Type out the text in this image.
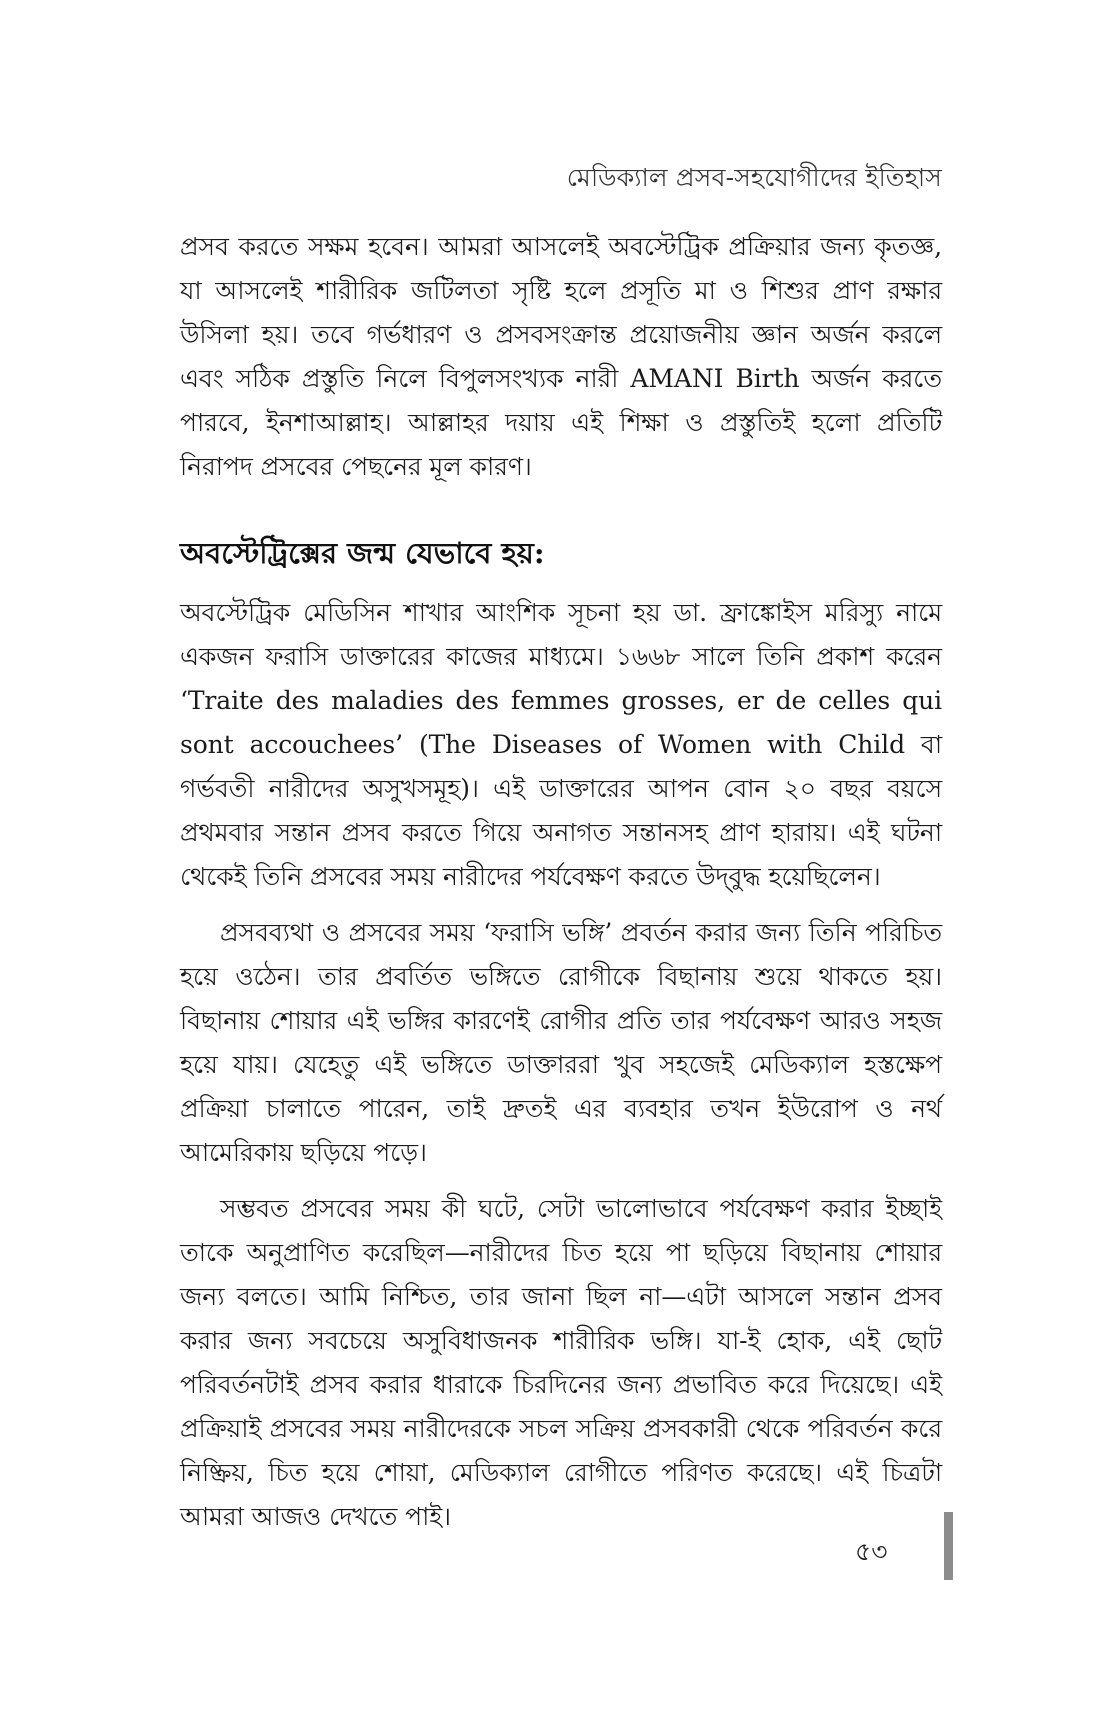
মেডিক্যাল প্রসব-সহযোগীদের ইতিহাস

প্রসব করতে সক্ষম হবেন। আমরা আসলেই অবস্টেট্রিক প্রক্রিয়ার জন্য কৃতজ্ঞ, যা আসলেই শারীরিক জটিলতা সৃষ্টি হলে প্রসূতি মা ও শিশুর প্রাণ রক্ষার উসিলা হয়। তবে গর্ভধারণ ও প্রসবসংক্রান্ত প্রয়োজনীয় জ্ঞান অর্জন করলে এবং সঠিক প্রস্তুতি নিলে বিপুলসংখ্যক নারী AMANI Birth অর্জন করতে পারবে, ইনশাআল্লাহ। আল্লাহর দয়ায় এই শিক্ষা ও প্রস্তুতিই হলো প্রতিটি নিরাপদ প্রসবের পেছনের মূল কারণ।

অবস্টেট্রিক্সের জন্ম যেভাবে হয়:

অবস্টেট্রিক মেডিসিন শাখার আংশিক সূচনা হয় ডা. ফ্রাঙ্কোইস মরিস্যু নামে একজন ফরাসি ডাক্তারের কাজের মাধ্যমে। ১৬৬৮ সালে তিনি প্রকাশ করেন ‘Traite des maladies des femmes grosses, er de celles qui sont accouchees’ (The Diseases of Women with Child বা গর্ভবতী নারীদের অসুখসমূহ)। এই ডাক্তারের আপন বোন ২০ বছর বয়সে প্রথমবার সন্তান প্রসব করতে গিয়ে অনাগত সন্তানসহ প্রাণ হারায়। এই ঘটনা থেকেই তিনি প্রসবের সময় নারীদের পর্যবেক্ষণ করতে উদ্‌বুদ্ধ হয়েছিলেন।

প্রসবব্যথা ও প্রসবের সময় ‘ফরাসি ভঙ্গি’ প্রবর্তন করার জন্য তিনি পরিচিত হয়ে ওঠেন। তার প্রবর্তিত ভঙ্গিতে রোগীকে বিছানায় শুয়ে থাকতে হয়। বিছানায় শোয়ার এই ভঙ্গির কারণেই রোগীর প্রতি তার পর্যবেক্ষণ আরও সহজ হয়ে যায়। যেহেতু এই ভঙ্গিতে ডাক্তাররা খুব সহজেই মেডিক্যাল হস্তক্ষেপ প্রক্রিয়া চালাতে পারেন, তাই দ্রুতই এর ব্যবহার তখন ইউরোপ ও নর্থ আমেরিকায় ছড়িয়ে পড়ে।

সম্ভবত প্রসবের সময় কী ঘটে, সেটা ভালোভাবে পর্যবেক্ষণ করার ইচ্ছাই তাকে অনুপ্রাণিত করেছিল—নারীদের চিত হয়ে পা ছড়িয়ে বিছানায় শোয়ার জন্য বলতে। আমি নিশ্চিত, তার জানা ছিল না—এটা আসলে সন্তান প্রসব করার জন্য সবচেয়ে অসুবিধাজনক শারীরিক ভঙ্গি। যা-ই হোক, এই ছোট পরিবর্তনটাই প্রসব করার ধারাকে চিরদিনের জন্য প্রভাবিত করে দিয়েছে। এই প্রক্রিয়াই প্রসবের সময় নারীদেরকে সচল সক্রিয় প্রসবকারী থেকে পরিবর্তন করে নিষ্ক্রিয়, চিত হয়ে শোয়া, মেডিক্যাল রোগীতে পরিণত করেছে। এই চিত্রটা আমরা আজও দেখতে পাই।

৫৩
